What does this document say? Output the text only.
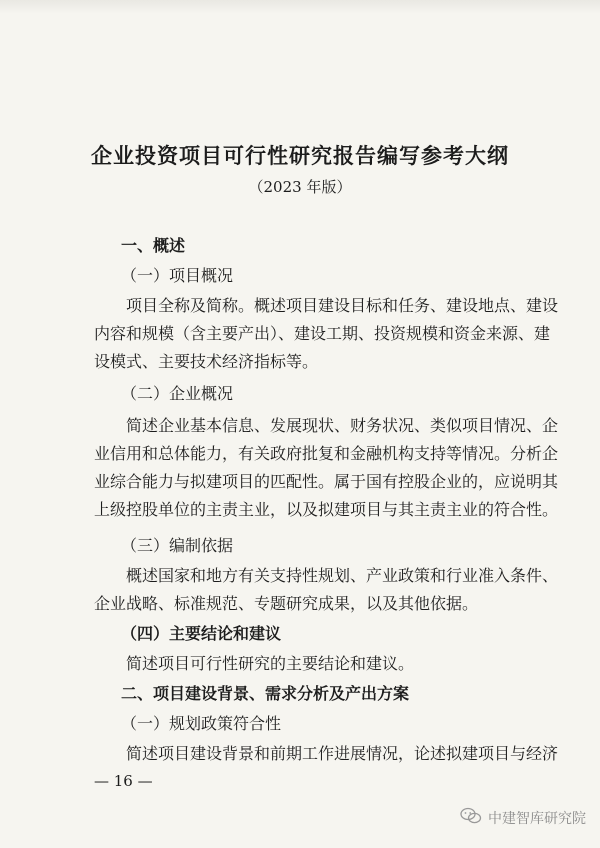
企业投资项目可行性研究报告编写参考大纲
（2023 年版）
一、概述
（一）项目概况
项目全称及简称。概述项目建设目标和任务、建设地点、建设
内容和规模（含主要产出）、建设工期、投资规模和资金来源、建
设模式、主要技术经济指标等。
（二）企业概况
简述企业基本信息、发展现状、财务状况、类似项目情况、企
业信用和总体能力，有关政府批复和金融机构支持等情况。分析企
业综合能力与拟建项目的匹配性。属于国有控股企业的，应说明其
上级控股单位的主责主业，以及拟建项目与其主责主业的符合性。
（三）编制依据
概述国家和地方有关支持性规划、产业政策和行业准入条件、
企业战略、标准规范、专题研究成果，以及其他依据。
（四）主要结论和建议
简述项目可行性研究的主要结论和建议。
二、项目建设背景、需求分析及产出方案
（一）规划政策符合性
简述项目建设背景和前期工作进展情况，论述拟建项目与经济
— 16 —
中建智库研究院
